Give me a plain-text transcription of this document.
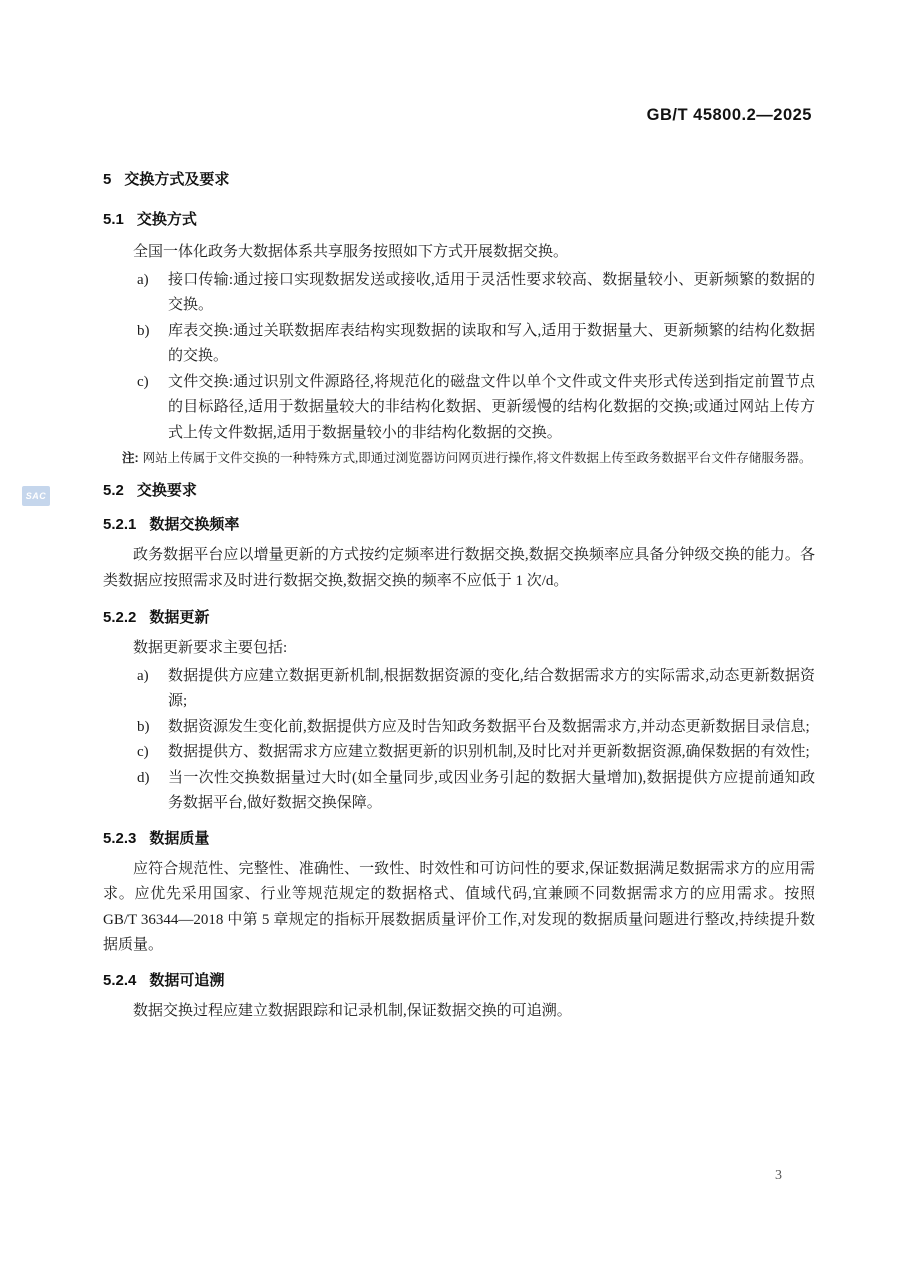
GB/T 45800.2—2025
SAC
5 交换方式及要求
5.1 交换方式

全国一体化政务大数据体系共享服务按照如下方式开展数据交换。

a)	接口传输:通过接口实现数据发送或接收,适用于灵活性要求较高、数据量较小、更新频繁的数据的交换。
b)	库表交换:通过关联数据库表结构实现数据的读取和写入,适用于数据量大、更新频繁的结构化数据的交换。
c)	文件交换:通过识别文件源路径,将规范化的磁盘文件以单个文件或文件夹形式传送到指定前置节点的目标路径,适用于数据量较大的非结构化数据、更新缓慢的结构化数据的交换;或通过网站上传方式上传文件数据,适用于数据量较小的非结构化数据的交换。
注: 网站上传属于文件交换的一种特殊方式,即通过浏览器访问网页进行操作,将文件数据上传至政务数据平台文件存储服务器。
5.2 交换要求
5.2.1 数据交换频率

政务数据平台应以增量更新的方式按约定频率进行数据交换,数据交换频率应具备分钟级交换的能力。各类数据应按照需求及时进行数据交换,数据交换的频率不应低于 1 次/d。

5.2.2 数据更新

数据更新要求主要包括:

a)	数据提供方应建立数据更新机制,根据数据资源的变化,结合数据需求方的实际需求,动态更新数据资源;
b)	数据资源发生变化前,数据提供方应及时告知政务数据平台及数据需求方,并动态更新数据目录信息;
c)	数据提供方、数据需求方应建立数据更新的识别机制,及时比对并更新数据资源,确保数据的有效性;
d)	当一次性交换数据量过大时(如全量同步,或因业务引起的数据大量增加),数据提供方应提前通知政务数据平台,做好数据交换保障。
5.2.3 数据质量

应符合规范性、完整性、准确性、一致性、时效性和可访问性的要求,保证数据满足数据需求方的应用需求。应优先采用国家、行业等规范规定的数据格式、值域代码,宜兼顾不同数据需求方的应用需求。按照 GB/T 36344—2018 中第 5 章规定的指标开展数据质量评价工作,对发现的数据质量问题进行整改,持续提升数据质量。

5.2.4 数据可追溯

数据交换过程应建立数据跟踪和记录机制,保证数据交换的可追溯。

3
